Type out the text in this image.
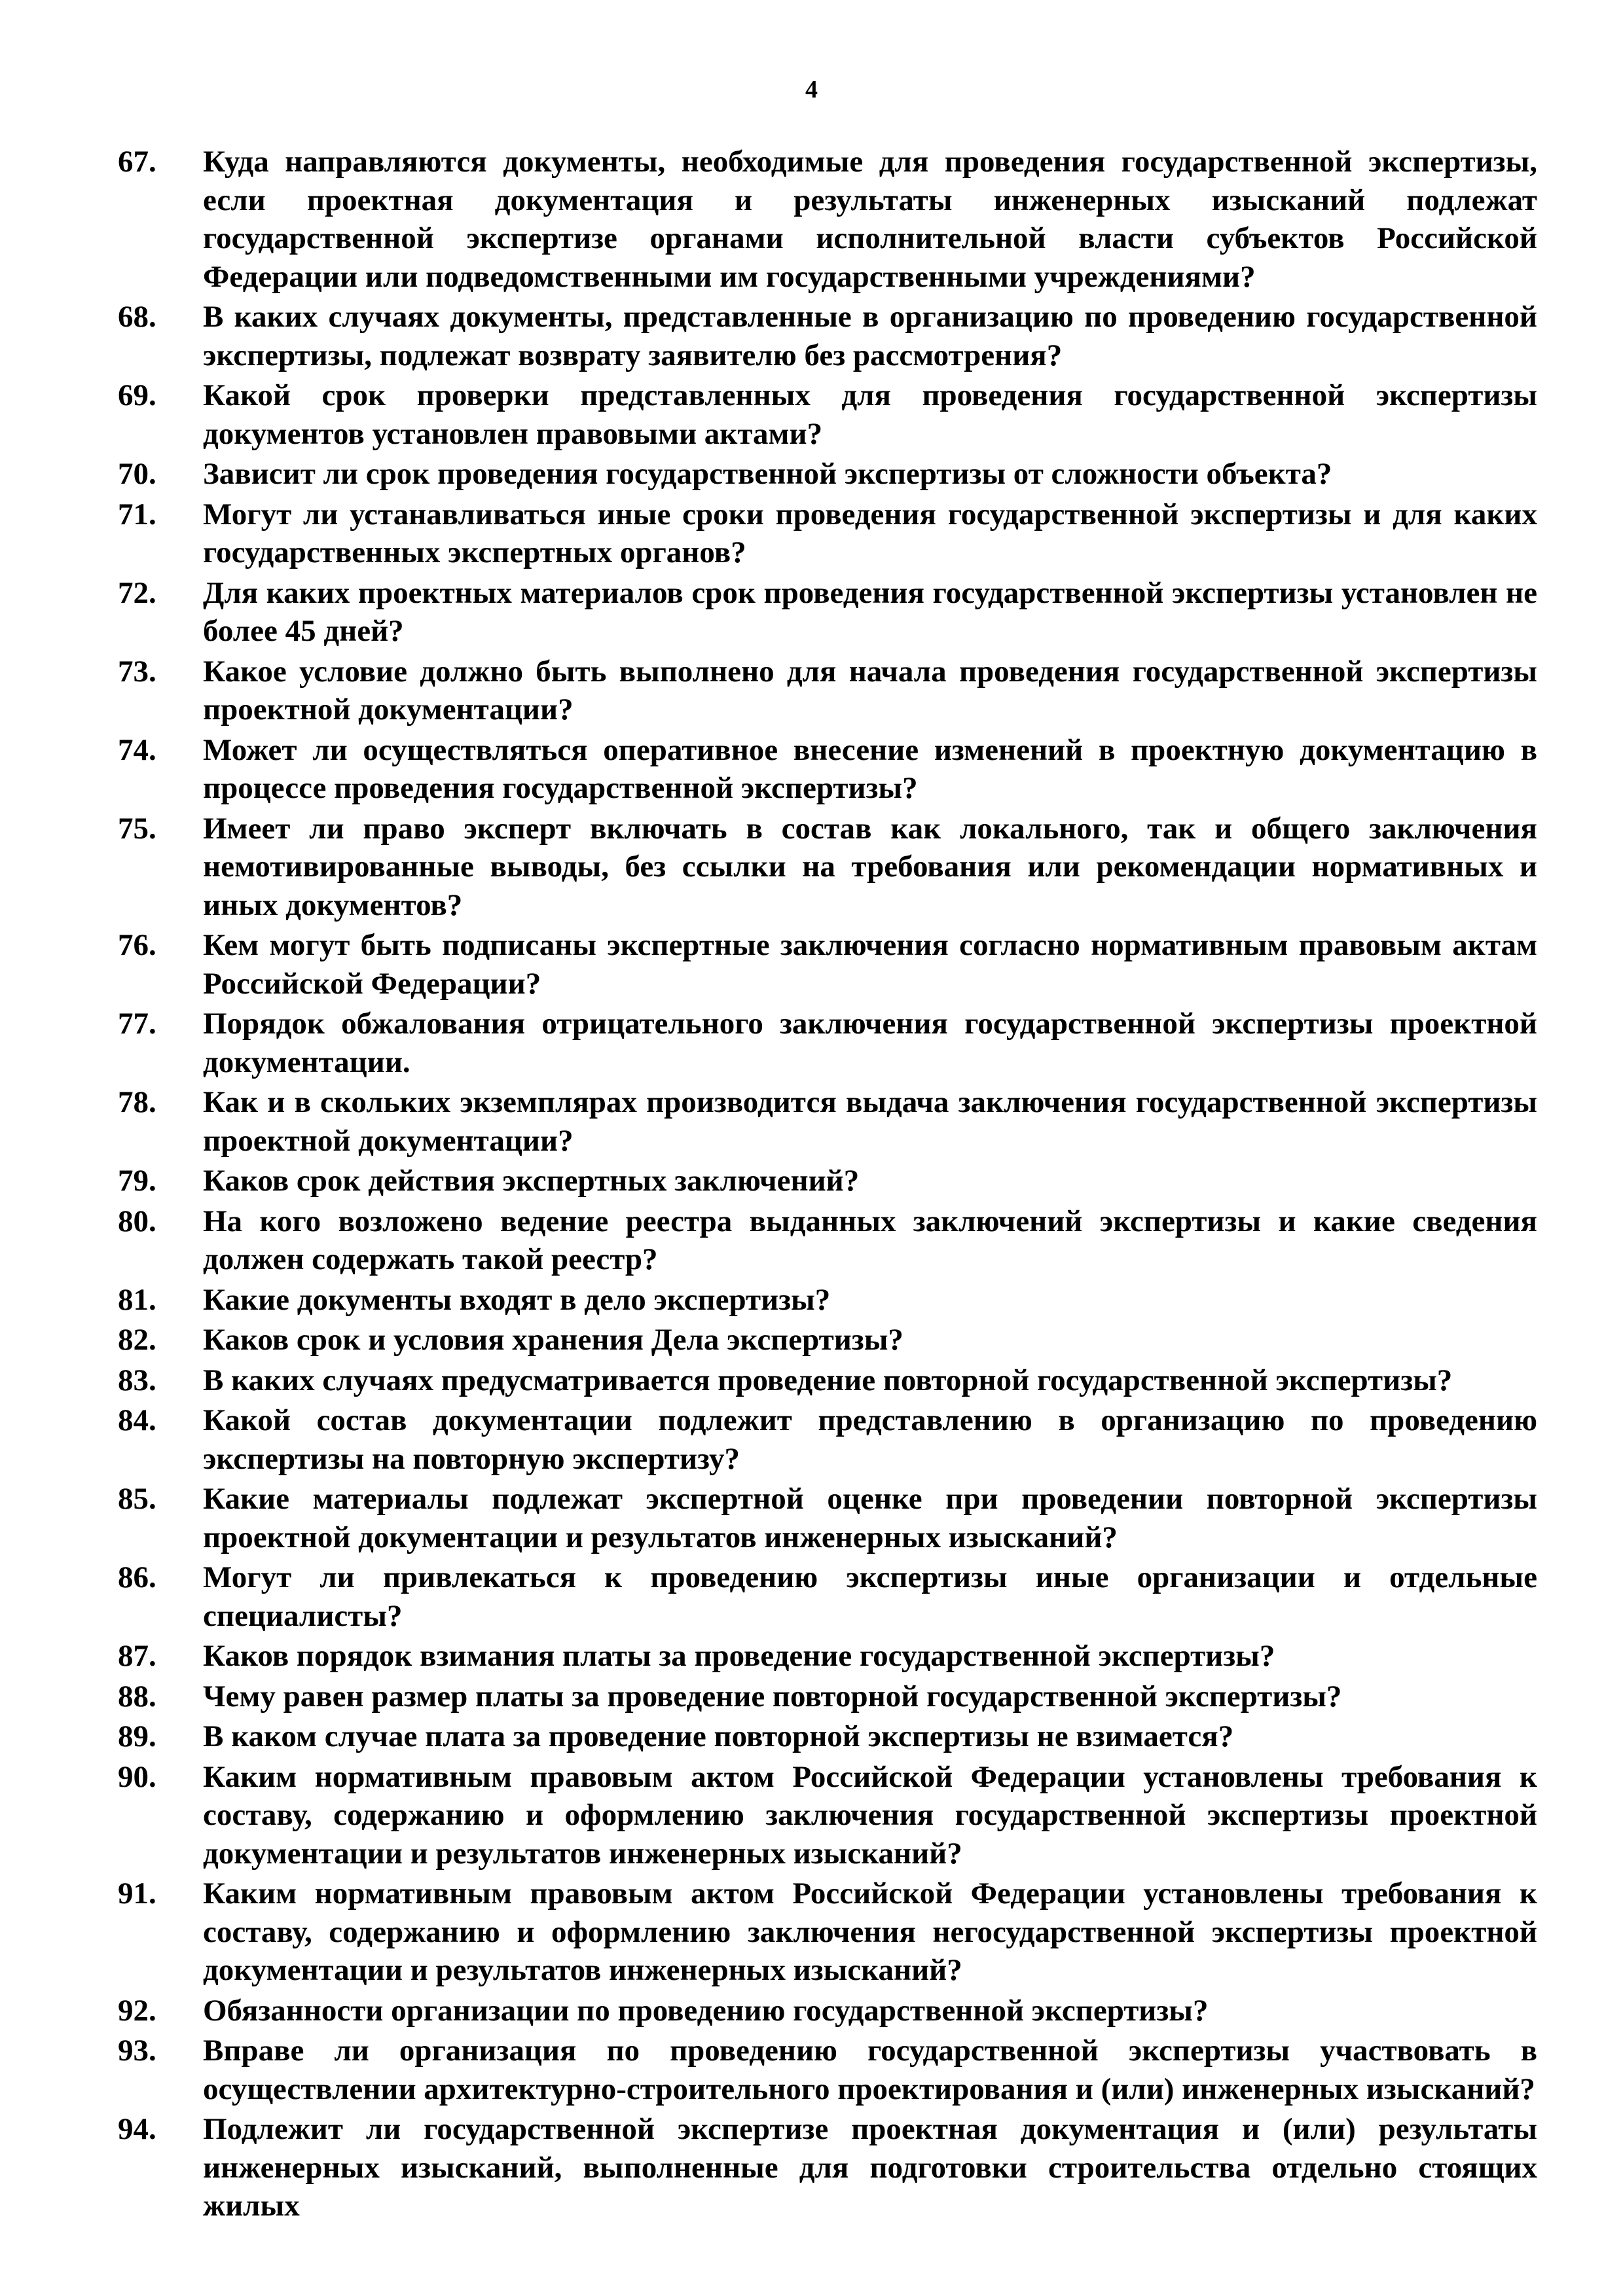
4
67. Куда направляются документы, необходимые для проведения государственной экспертизы, если проектная документация и результаты инженерных изысканий подлежат государственной экспертизе органами исполнительной власти субъектов Российской Федерации или подведомственными им государственными учреждениями?
68. В каких случаях документы, представленные в организацию по проведению государственной экспертизы, подлежат возврату заявителю без рассмотрения?
69. Какой срок проверки представленных для проведения государственной экспертизы документов установлен правовыми актами?
70. Зависит ли срок проведения государственной экспертизы от сложности объекта?
71. Могут ли устанавливаться иные сроки проведения государственной экспертизы и для каких государственных экспертных органов?
72. Для каких проектных материалов срок проведения государственной экспертизы установлен не более 45 дней?
73. Какое условие должно быть выполнено для начала проведения государственной экспертизы проектной документации?
74. Может ли осуществляться оперативное внесение изменений в проектную документацию в процессе проведения государственной экспертизы?
75. Имеет ли право эксперт включать в состав как локального, так и общего заключения немотивированные выводы, без ссылки на требования или рекомендации нормативных и иных документов?
76. Кем могут быть подписаны экспертные заключения согласно нормативным правовым актам Российской Федерации?
77. Порядок обжалования отрицательного заключения государственной экспертизы проектной документации.
78. Как и в скольких экземплярах производится выдача заключения государственной экспертизы проектной документации?
79. Каков срок действия экспертных заключений?
80. На кого возложено ведение реестра выданных заключений экспертизы и какие сведения должен содержать такой реестр?
81. Какие документы входят в дело экспертизы?
82. Каков срок и условия хранения Дела экспертизы?
83. В каких случаях предусматривается проведение повторной государственной экспертизы?
84. Какой состав документации подлежит представлению в организацию по проведению экспертизы на повторную экспертизу?
85. Какие материалы подлежат экспертной оценке при проведении повторной экспертизы проектной документации и результатов инженерных изысканий?
86. Могут ли привлекаться к проведению экспертизы иные организации и отдельные специалисты?
87. Каков порядок взимания платы за проведение государственной экспертизы?
88. Чему равен размер платы за проведение повторной государственной экспертизы?
89. В каком случае плата за проведение повторной экспертизы не взимается?
90. Каким нормативным правовым актом Российской Федерации установлены требования к составу, содержанию и оформлению заключения государственной экспертизы проектной документации и результатов инженерных изысканий?
91. Каким нормативным правовым актом Российской Федерации установлены требования к составу, содержанию и оформлению заключения негосударственной экспертизы проектной документации и результатов инженерных изысканий?
92. Обязанности организации по проведению государственной экспертизы?
93. Вправе ли организация по проведению государственной экспертизы участвовать в осуществлении архитектурно-строительного проектирования и (или) инженерных изысканий?
94. Подлежит ли государственной экспертизе проектная документация и (или) результаты инженерных изысканий, выполненные для подготовки строительства отдельно стоящих жилых
